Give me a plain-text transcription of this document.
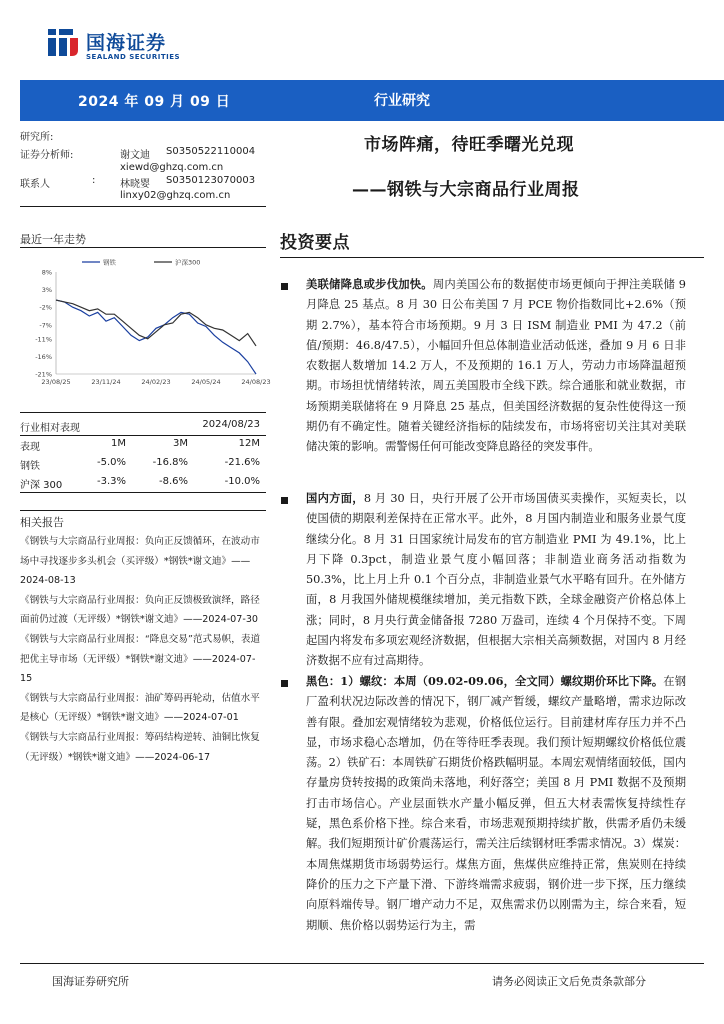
国海证券
SEALAND SECURITIES
2024 年 09 月 09 日	行业研究
研究所:
证券分析师:	谢文迪 S0350522110004
xiewd@ghzq.com.cn
联系人	: 林晓婴 S0350123070003
linxy02@ghzq.com.cn
市场阵痛，待旺季曙光兑现
——钢铁与大宗商品行业周报
最近一年走势
8%
3%
-2%
-7%
-11%
-16%
-21%
23/08/25	23/11/24	24/02/23	24/05/24	24/08/23
钢铁	沪深300
行业相对表现	2024/08/23
表现	1M	3M	12M
钢铁	-5.0%	-16.8%	-21.6%
沪深 300	-3.3%	-8.6%	-10.0%
相关报告
《钢铁与大宗商品行业周报：负向正反馈循环，在波动市场中寻找逐步多头机会（买评级）*钢铁*谢文迪》——2024-08-13
《钢铁与大宗商品行业周报：负向正反馈极致演绎，路径面前仍过渡（无评级）*钢铁*谢文迪》——2024-07-30
《钢铁与大宗商品行业周报：“降息交易”范式易帜，表道把优主导市场（无评级）*钢铁*谢文迪》——2024-07-15
《钢铁与大宗商品行业周报：油矿筹码再轮动，估值水平是核心（无评级）*钢铁*谢文迪》——2024-07-01
《钢铁与大宗商品行业周报：筹码结构逆转、油铜比恢复（无评级）*钢铁*谢文迪》——2024-06-17
投资要点
美联储降息或步伐加快。周内美国公布的数据使市场更倾向于押注美联储 9 月降息 25 基点。8 月 30 日公布美国 7 月 PCE 物价指数同比+2.6%（预期 2.7%），基本符合市场预期。9 月 3 日 ISM 制造业 PMI 为 47.2（前值/预期：46.8/47.5），小幅回升但总体制造业活动低迷，叠加 9 月 6 日非农数据人数增加 14.2 万人，不及预期的 16.1 万人，劳动力市场降温超预期。市场担忧情绪转浓，周五美国股市全线下跌。综合通胀和就业数据，市场预期美联储将在 9 月降息 25 基点，但美国经济数据的复杂性使得这一预期仍有不确定性。随着关键经济指标的陆续发布，市场将密切关注其对美联储决策的影响。需警惕任何可能改变降息路径的突发事件。
国内方面，8 月 30 日，央行开展了公开市场国债买卖操作，买短卖长，以使国债的期限利差保持在正常水平。此外，8 月国内制造业和服务业景气度继续分化。8 月 31 日国家统计局发布的官方制造业 PMI 为 49.1%，比上月下降 0.3pct，制造业景气度小幅回落；非制造业商务活动指数为 50.3%，比上月上升 0.1 个百分点，非制造业景气水平略有回升。在外储方面，8 月我国外储规模继续增加，美元指数下跌，全球金融资产价格总体上涨；同时，8 月央行黄金储备报 7280 万盎司，连续 4 个月保持不变。下周起国内将发布多项宏观经济数据，但根据大宗相关高频数据，对国内 8 月经济数据不应有过高期待。
黑色：1）螺纹：本周（09.02-09.06，全文同）螺纹期价环比下降。在钢厂盈利状况边际改善的情况下，钢厂减产暂缓，螺纹产量略增，需求边际改善有限。叠加宏观情绪较为悲观，价格低位运行。目前建材库存压力并不凸显，市场求稳心态增加，仍在等待旺季表现。我们预计短期螺纹价格低位震荡。2）铁矿石：本周铁矿石期货价格跌幅明显。本周宏观情绪面较低，国内存量房贷转按揭的政策尚未落地，利好落空；美国 8 月 PMI 数据不及预期打击市场信心。产业层面铁水产量小幅反弹，但五大材表需恢复持续性存疑，黑色系价格下挫。综合来看，市场悲观预期持续扩散，供需矛盾仍未缓解。我们短期预计矿价震荡运行，需关注后续钢材旺季需求情况。3）煤炭：本周焦煤期货市场弱势运行。煤焦方面，焦煤供应维持正常，焦炭则在持续降价的压力之下产量下滑、下游终端需求疲弱，钢价进一步下探，压力继续向原料端传导。钢厂增产动力不足，双焦需求仍以刚需为主，综合来看，短期顺、焦价格以弱势运行为主，需
国海证券研究所	请务必阅读正文后免责条款部分
